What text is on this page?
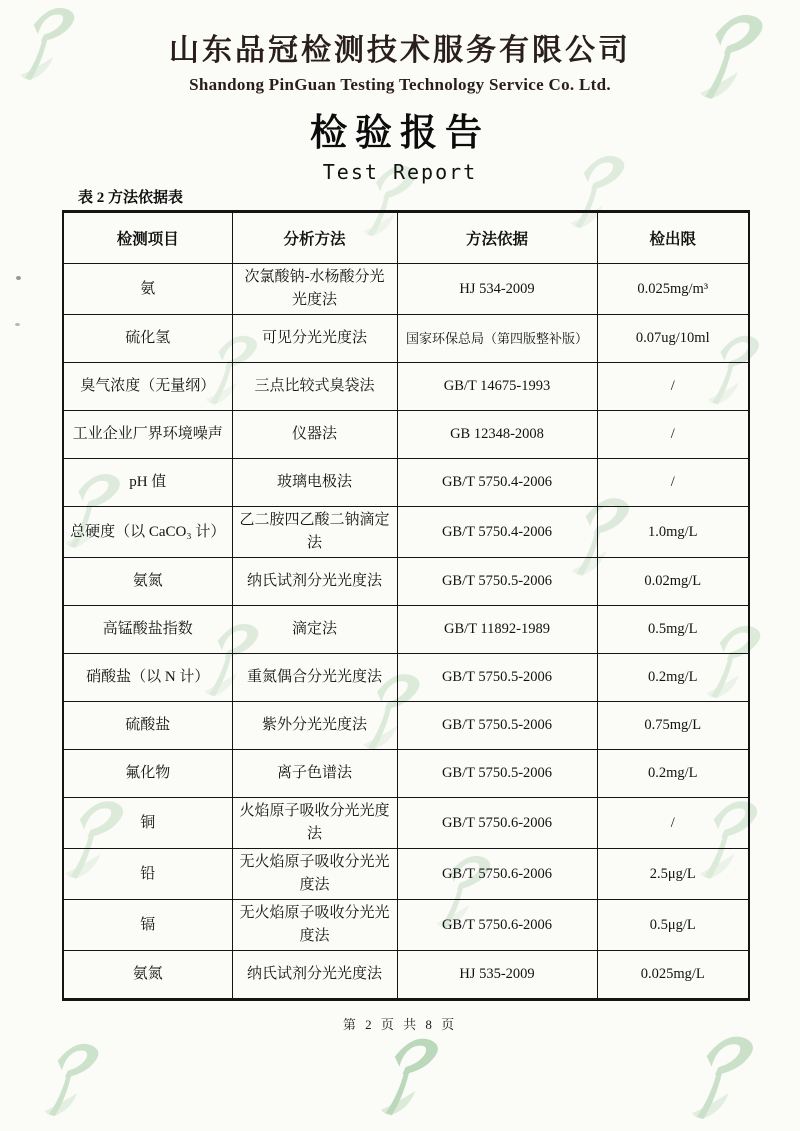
山东品冠检测技术服务有限公司
Shandong PinGuan Testing Technology Service Co. Ltd.
检验报告
Test Report
表 2 方法依据表
检测项目	分析方法	方法依据	检出限
氨	次氯酸钠-水杨酸分光光度法	HJ 534-2009	0.025mg/m³
硫化氢	可见分光光度法	国家环保总局（第四版整补版）	0.07ug/10ml
臭气浓度（无量纲）	三点比较式臭袋法	GB/T 14675-1993	/
工业企业厂界环境噪声	仪器法	GB 12348-2008	/
pH 值	玻璃电极法	GB/T 5750.4-2006	/
总硬度（以 CaCO₃ 计）	乙二胺四乙酸二钠滴定法	GB/T 5750.4-2006	1.0mg/L
氨氮	纳氏试剂分光光度法	GB/T 5750.5-2006	0.02mg/L
高锰酸盐指数	滴定法	GB/T 11892-1989	0.5mg/L
硝酸盐（以 N 计）	重氮偶合分光光度法	GB/T 5750.5-2006	0.2mg/L
硫酸盐	紫外分光光度法	GB/T 5750.5-2006	0.75mg/L
氟化物	离子色谱法	GB/T 5750.5-2006	0.2mg/L
铜	火焰原子吸收分光光度法	GB/T 5750.6-2006	/
铅	无火焰原子吸收分光光度法	GB/T 5750.6-2006	2.5μg/L
镉	无火焰原子吸收分光光度法	GB/T 5750.6-2006	0.5μg/L
氨氮	纳氏试剂分光光度法	HJ 535-2009	0.025mg/L
第 2 页 共 8 页
